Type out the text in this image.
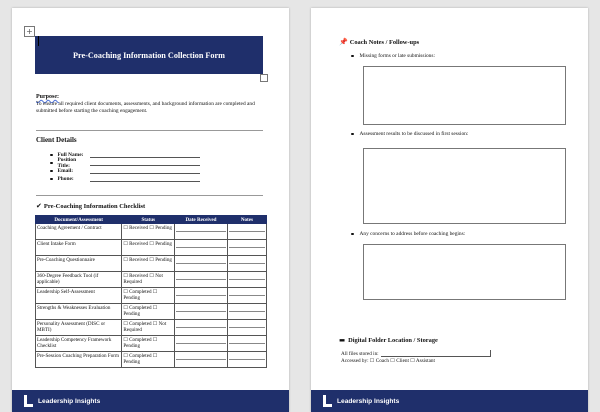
+
Pre-Coaching Information Collection Form
Purpose:
To ensure all required client documents, assessments, and background information are completed and submitted before starting the coaching engagement.
Client Details
Full Name:
Position Title:
Email:
Phone:
✔ Pre-Coaching Information Checklist
Document/Assessment	Status	Date Received	Notes
Coaching Agreement / Contract	☐ Received ☐ Pending	

Client Intake Form	☐ Received ☐ Pending	

Pre-Coaching Questionnaire	☐ Received ☐ Pending	

360-Degree Feedback Tool (if applicable)	☐ Received ☐ Not Required	

Leadership Self-Assessment	☐ Completed ☐ Pending	

Strengths & Weaknesses Evaluation	☐ Completed ☐ Pending	

Personality Assessment (DISC or MBTI)	☐ Completed ☐ Not Required	

Leadership Competency Framework Checklist	☐ Completed ☐ Pending	

Pre-Session Coaching Preparation Form	☐ Completed ☐ Pending	

Leadership Insights
📌 Coach Notes / Follow-ups
Missing forms or late submissions:
Assessment results to be discussed in first session:
Any concerns to address before coaching begins:
▬ Digital Folder Location / Storage
All files stored in:
Accessed by: ☐ Coach ☐ Client ☐ Assistant
Leadership Insights
